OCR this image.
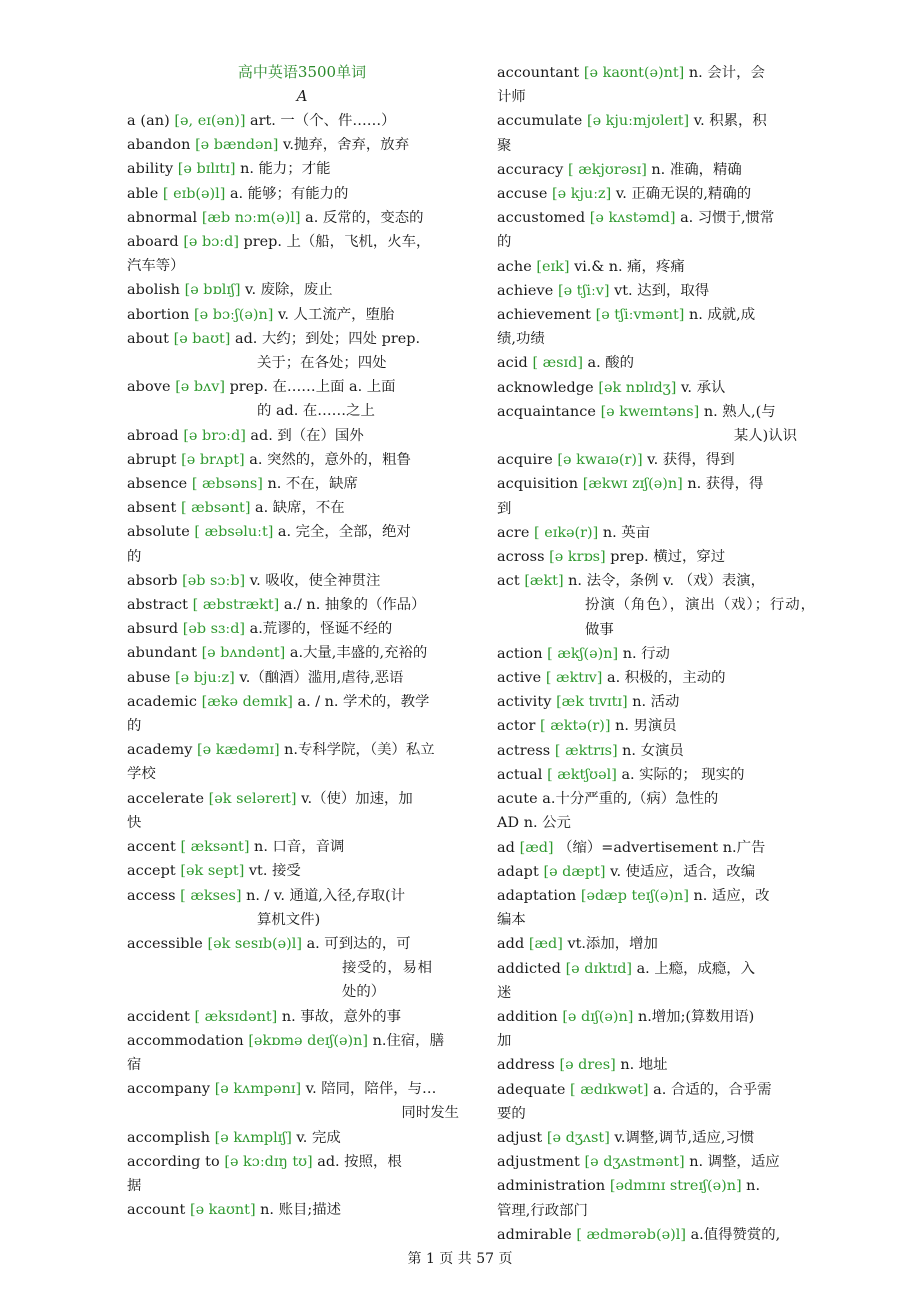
高中英语3500单词
A

a (an) [ə, eɪ(ən)] art. 一（个、件……）

abandon [ə bændən] v.抛弃，舍弃，放弃

ability [ə bɪlɪtɪ] n. 能力；才能

able [ eɪb(ə)l] a. 能够；有能力的

abnormal [æb nɔːm(ə)l] a. 反常的，变态的

aboard [ə bɔːd] prep. 上（船，飞机，火车，
汽车等）

abolish [ə bɒlɪʃ] v. 废除，废止

abortion [ə bɔːʃ(ə)n] v. 人工流产，堕胎

about [ə baʊt] ad. 大约；到处；四处 prep.
关于；在各处；四处

above [ə bʌv] prep. 在……上面 a. 上面
的 ad. 在……之上

abroad [ə brɔːd] ad. 到（在）国外

abrupt [ə brʌpt] a. 突然的，意外的，粗鲁

absence [ æbsəns] n. 不在，缺席

absent [ æbsənt] a. 缺席，不在

absolute [ æbsəluːt] a. 完全，全部，绝对
的

absorb [əb sɔːb] v. 吸收，使全神贯注

abstract [ æbstrækt] a./ n. 抽象的（作品）

absurd [əb sɜːd] a.荒谬的，怪诞不经的

abundant [ə bʌndənt] a.大量,丰盛的,充裕的

abuse [ə bjuːz] v.（酗酒）滥用,虐待,恶语

academic [ækə demɪk] a. / n. 学术的，教学
的

academy [ə kædəmɪ] n.专科学院，（美）私立
学校

accelerate [ək seləreɪt] v.（使）加速，加
快

accent [ æksənt] n. 口音，音调

accept [ək sept] vt. 接受

access [ ækses] n. / v. 通道,入径,存取(计
算机文件)

accessible [ək sesɪb(ə)l] a. 可到达的，可
接受的，易相处的）

accident [ æksɪdənt] n. 事故，意外的事

accommodation [əkɒmə deɪʃ(ə)n] n.住宿，膳
宿

accompany [ə kʌmpənɪ] v. 陪同，陪伴，与…
同时发生

accomplish [ə kʌmplɪʃ] v. 完成

according to [ə kɔːdɪŋ tʊ] ad. 按照，根
据

account [ə kaʊnt] n. 账目;描述

accountant [ə kaʊnt(ə)nt] n. 会计，会
计师

accumulate [ə kjuːmjʊleɪt] v. 积累，积
聚

accuracy [ ækjʊrəsɪ] n. 准确，精确

accuse [ə kjuːz] v. 正确无误的,精确的

accustomed [ə kʌstəmd] a. 习惯于,惯常
的

ache [eɪk] vi.& n. 痛，疼痛

achieve [ə tʃiːv] vt. 达到，取得

achievement [ə tʃiːvmənt] n. 成就,成
绩,功绩

acid [ æsɪd] a. 酸的

acknowledge [ək nɒlɪdʒ] v. 承认

acquaintance [ə kweɪntəns] n. 熟人,(与
某人)认识

acquire [ə kwaɪə(r)] v. 获得，得到

acquisition [ækwɪ zɪʃ(ə)n] n. 获得，得
到

acre [ eɪkə(r)] n. 英亩

across [ə krɒs] prep. 横过，穿过

act [ækt] n. 法令，条例 v. （戏）表演，
扮演（角色），演出（戏）；行动，做事

action [ ækʃ(ə)n] n. 行动

active [ æktɪv] a. 积极的，主动的

activity [æk tɪvɪtɪ] n. 活动

actor [ æktə(r)] n. 男演员

actress [ æktrɪs] n. 女演员

actual [ æktʃʊəl] a. 实际的； 现实的

acute a.十分严重的,（病）急性的

AD n. 公元

ad [æd] （缩）=advertisement n.广告

adapt [ə dæpt] v. 使适应，适合，改编

adaptation [ədæp teɪʃ(ə)n] n. 适应，改
编本

add [æd] vt.添加，增加

addicted [ə dɪktɪd] a. 上瘾，成瘾，入
迷

addition [ə dɪʃ(ə)n] n.增加;(算数用语)
加

address [ə dres] n. 地址

adequate [ ædɪkwət] a. 合适的，合乎需
要的

adjust [ə dʒʌst] v.调整,调节,适应,习惯

adjustment [ə dʒʌstmənt] n. 调整，适应

administration [ədmɪnɪ streɪʃ(ə)n] n.
管理,行政部门

admirable [ ædmərəb(ə)l] a.值得赞赏的,

第 1 页 共 57 页
